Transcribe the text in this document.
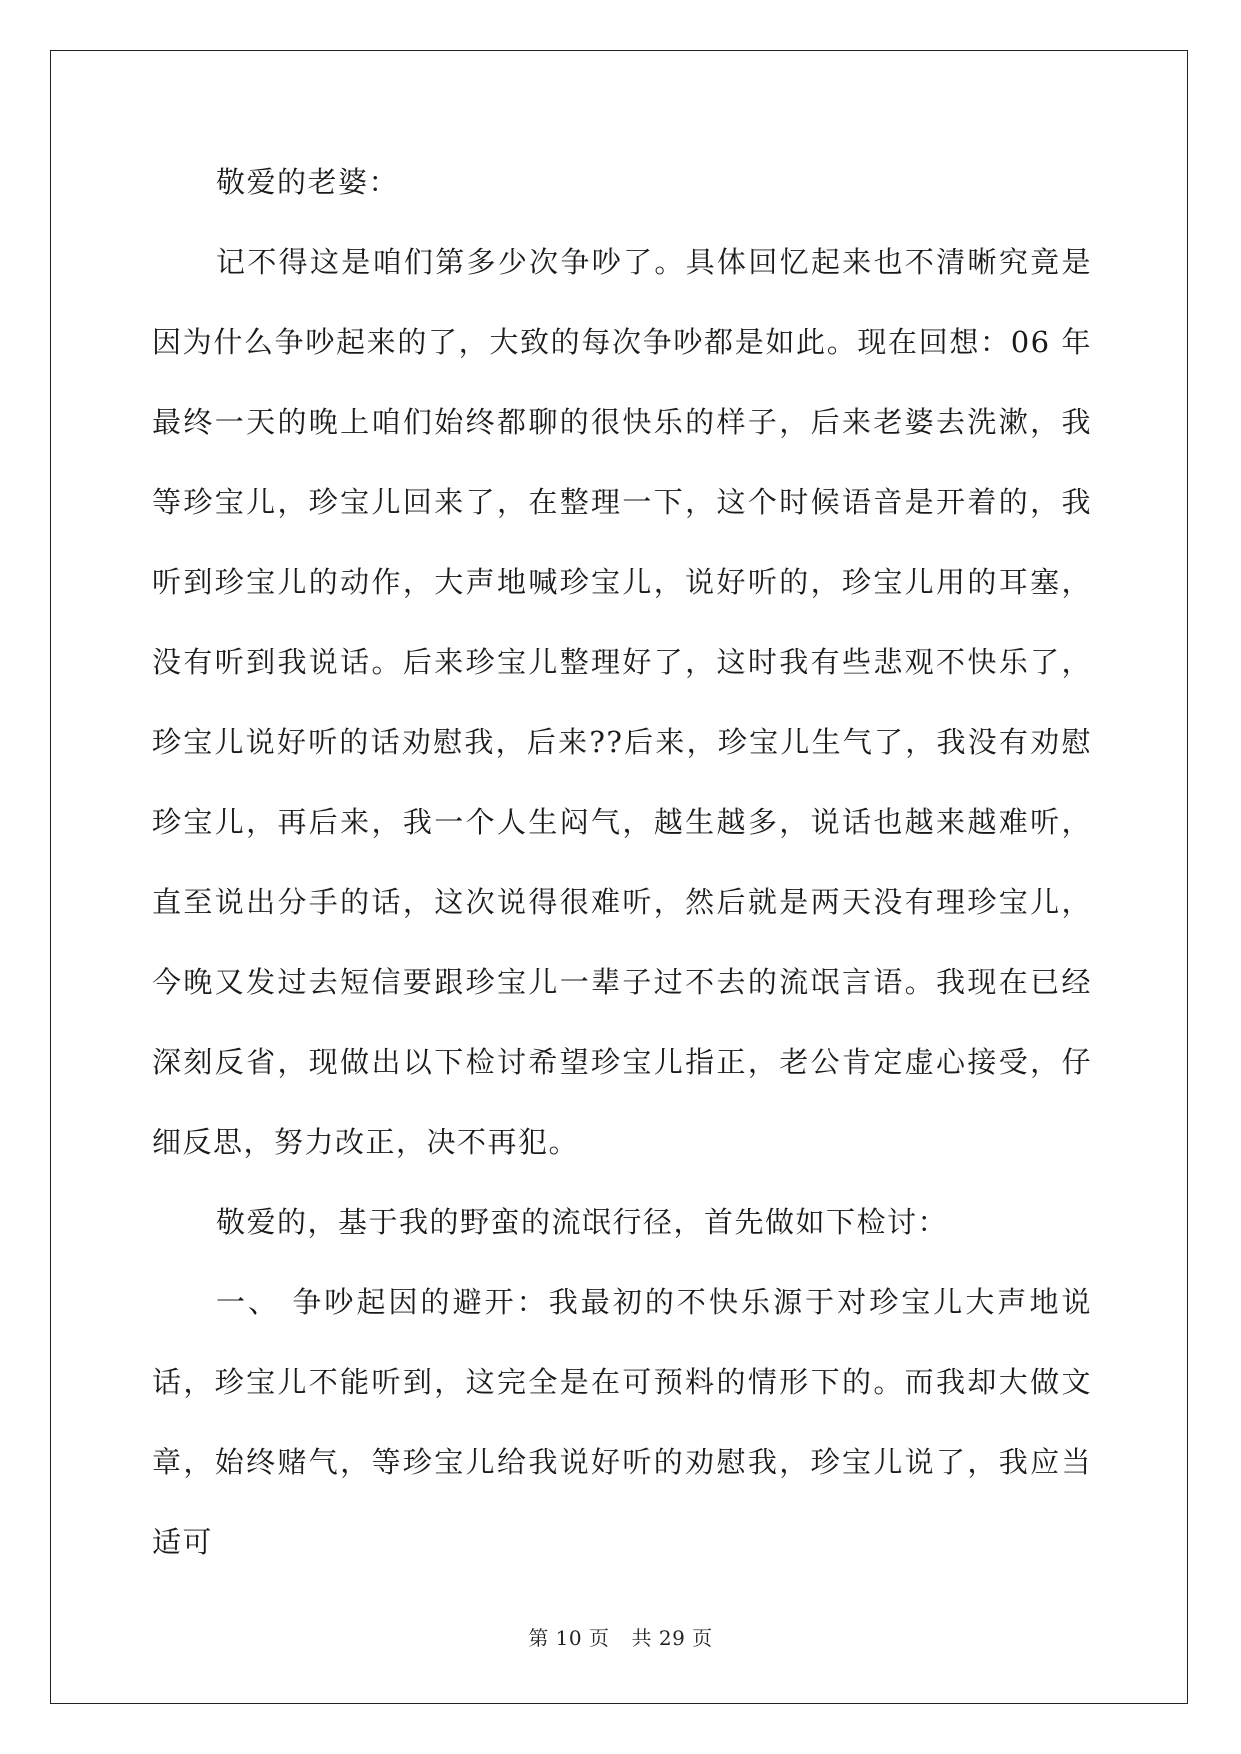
敬爱的老婆：

记不得这是咱们第多少次争吵了。具体回忆起来也不清晰究竟是因为什么争吵起来的了，大致的每次争吵都是如此。现在回想：06 年最终一天的晚上咱们始终都聊的很快乐的样子，后来老婆去洗漱，我等珍宝儿，珍宝儿回来了，在整理一下，这个时候语音是开着的，我听到珍宝儿的动作，大声地喊珍宝儿，说好听的，珍宝儿用的耳塞，没有听到我说话。后来珍宝儿整理好了，这时我有些悲观不快乐了，珍宝儿说好听的话劝慰我，后来??后来，珍宝儿生气了，我没有劝慰珍宝儿，再后来，我一个人生闷气，越生越多，说话也越来越难听，直至说出分手的话，这次说得很难听，然后就是两天没有理珍宝儿，今晚又发过去短信要跟珍宝儿一辈子过不去的流氓言语。我现在已经深刻反省，现做出以下检讨希望珍宝儿指正，老公肯定虚心接受，仔细反思，努力改正，决不再犯。

敬爱的，基于我的野蛮的流氓行径，首先做如下检讨：

一、 争吵起因的避开：我最初的不快乐源于对珍宝儿大声地说话，珍宝儿不能听到，这完全是在可预料的情形下的。而我却大做文章，始终赌气，等珍宝儿给我说好听的劝慰我，珍宝儿说了，我应当适可

第 10 页 共 29 页
